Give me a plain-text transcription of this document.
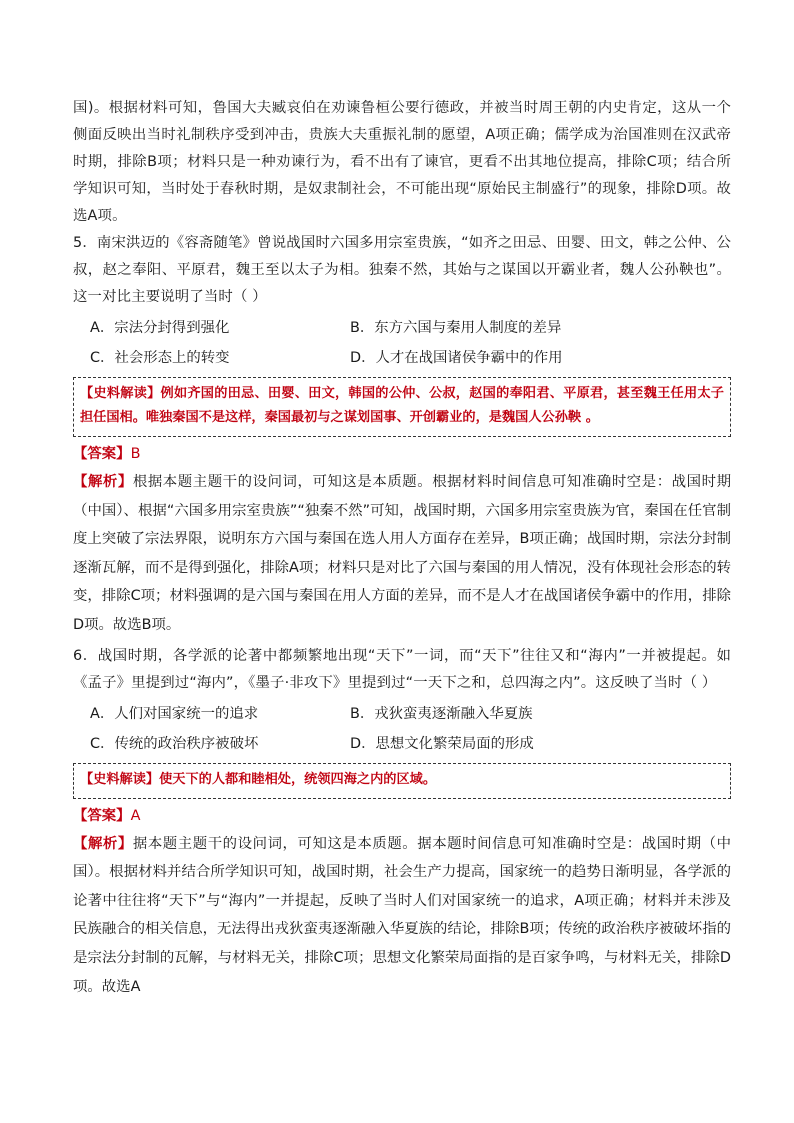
国)。根据材料可知，鲁国大夫臧哀伯在劝谏鲁桓公要行德政，并被当时周王朝的内史肯定，这从一个侧面反映出当时礼制秩序受到冲击，贵族大夫重振礼制的愿望，A项正确；儒学成为治国准则在汉武帝时期，排除B项；材料只是一种劝谏行为，看不出有了谏官，更看不出其地位提高，排除C项；结合所学知识可知，当时处于春秋时期，是奴隶制社会，不可能出现“原始民主制盛行”的现象，排除D项。故选A项。
5．南宋洪迈的《容斋随笔》曾说战国时六国多用宗室贵族，“如齐之田忌、田婴、田文，韩之公仲、公叔，赵之奉阳、平原君，魏王至以太子为相。独秦不然，其始与之谋国以开霸业者，魏人公孙鞅也”。这一对比主要说明了当时（ ）
A．宗法分封得到强化	B．东方六国与秦用人制度的差异
C．社会形态上的转变	D．人才在战国诸侯争霸中的作用
【史料解读】例如齐国的田忌、田婴、田文，韩国的公仲、公叔，赵国的奉阳君、平原君，甚至魏王任用太子担任国相。唯独秦国不是这样，秦国最初与之谋划国事、开创霸业的，是魏国人公孙鞅 。
【答案】B
【解析】根据本题主题干的设问词，可知这是本质题。根据材料时间信息可知准确时空是：战国时期（中国）、根据“六国多用宗室贵族”“独秦不然”可知，战国时期，六国多用宗室贵族为官，秦国在任官制度上突破了宗法界限，说明东方六国与秦国在选人用人方面存在差异，B项正确；战国时期，宗法分封制逐渐瓦解，而不是得到强化，排除A项；材料只是对比了六国与秦国的用人情况，没有体现社会形态的转变，排除C项；材料强调的是六国与秦国在用人方面的差异，而不是人才在战国诸侯争霸中的作用，排除D项。故选B项。
6．战国时期，各学派的论著中都频繁地出现“天下”一词，而“天下”往往又和“海内”一并被提起。如《孟子》里提到过“海内”，《墨子·非攻下》里提到过“一天下之和，总四海之内”。这反映了当时（ ）
A．人们对国家统一的追求	B．戎狄蛮夷逐渐融入华夏族
C．传统的政治秩序被破坏	D．思想文化繁荣局面的形成
【史料解读】使天下的人都和睦相处，统领四海之内的区域。
【答案】A
【解析】据本题主题干的设问词，可知这是本质题。据本题时间信息可知准确时空是：战国时期（中国）。根据材料并结合所学知识可知，战国时期，社会生产力提高，国家统一的趋势日渐明显，各学派的论著中往往将“天下”与“海内”一并提起，反映了当时人们对国家统一的追求，A项正确；材料并未涉及民族融合的相关信息，无法得出戎狄蛮夷逐渐融入华夏族的结论，排除B项；传统的政治秩序被破坏指的是宗法分封制的瓦解，与材料无关，排除C项；思想文化繁荣局面指的是百家争鸣，与材料无关，排除D项。故选A
